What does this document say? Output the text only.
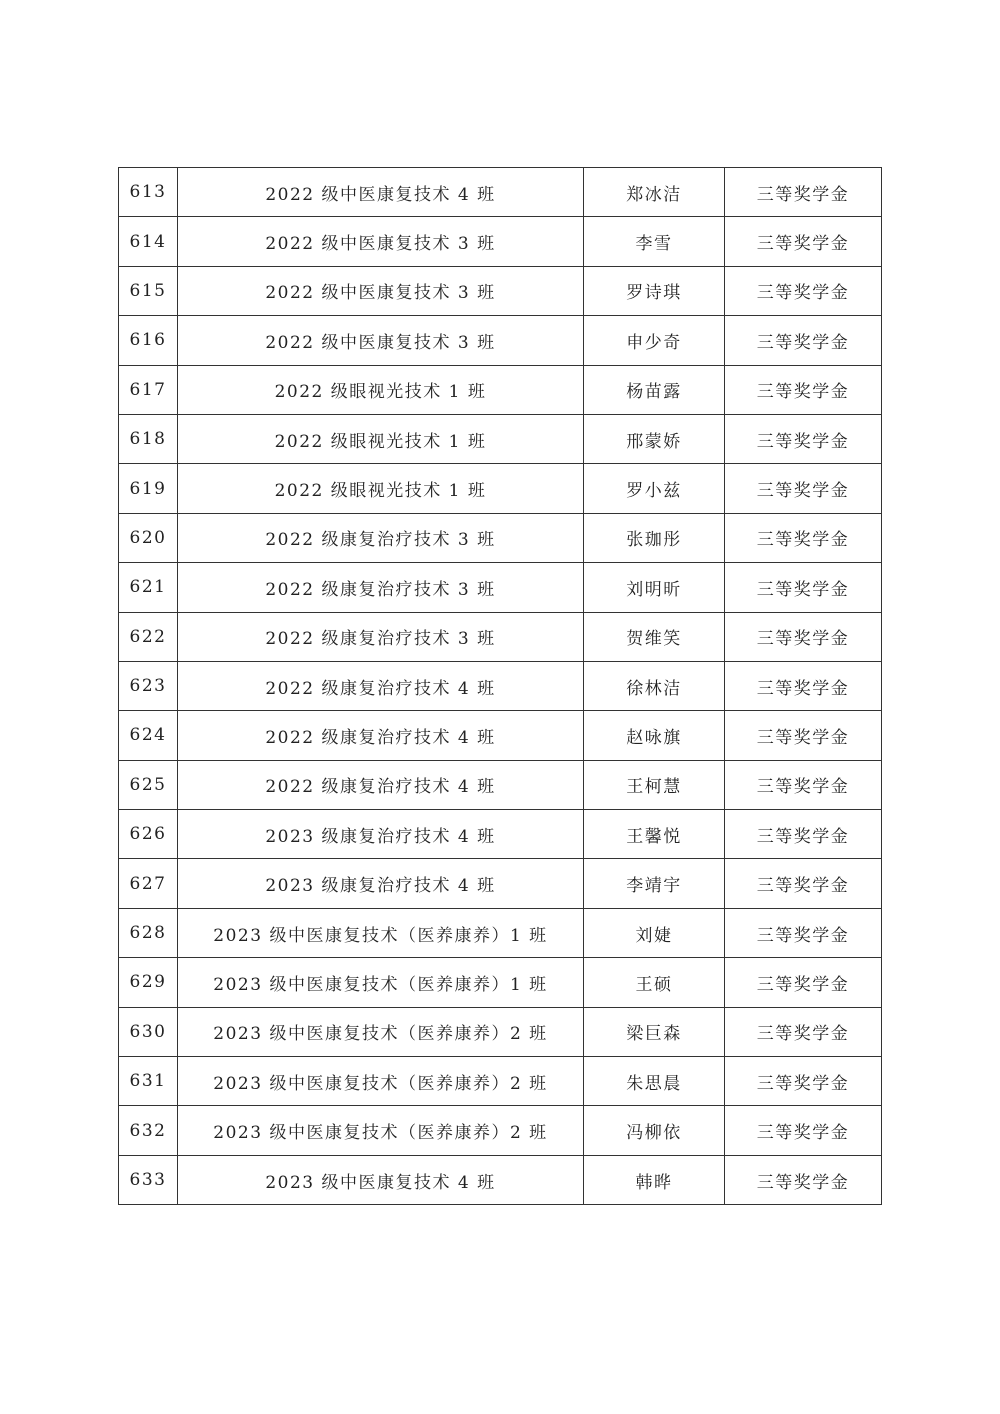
613	2022 级中医康复技术 4 班	郑冰洁	三等奖学金
614	2022 级中医康复技术 3 班	李雪	三等奖学金
615	2022 级中医康复技术 3 班	罗诗琪	三等奖学金
616	2022 级中医康复技术 3 班	申少奇	三等奖学金
617	2022 级眼视光技术 1 班	杨苗露	三等奖学金
618	2022 级眼视光技术 1 班	邢蒙娇	三等奖学金
619	2022 级眼视光技术 1 班	罗小兹	三等奖学金
620	2022 级康复治疗技术 3 班	张珈彤	三等奖学金
621	2022 级康复治疗技术 3 班	刘明昕	三等奖学金
622	2022 级康复治疗技术 3 班	贺维笑	三等奖学金
623	2022 级康复治疗技术 4 班	徐林洁	三等奖学金
624	2022 级康复治疗技术 4 班	赵咏旗	三等奖学金
625	2022 级康复治疗技术 4 班	王柯慧	三等奖学金
626	2023 级康复治疗技术 4 班	王馨悦	三等奖学金
627	2023 级康复治疗技术 4 班	李靖宇	三等奖学金
628	2023 级中医康复技术（医养康养）1 班	刘婕	三等奖学金
629	2023 级中医康复技术（医养康养）1 班	王硕	三等奖学金
630	2023 级中医康复技术（医养康养）2 班	梁巨森	三等奖学金
631	2023 级中医康复技术（医养康养）2 班	朱思晨	三等奖学金
632	2023 级中医康复技术（医养康养）2 班	冯柳依	三等奖学金
633	2023 级中医康复技术 4 班	韩晔	三等奖学金
